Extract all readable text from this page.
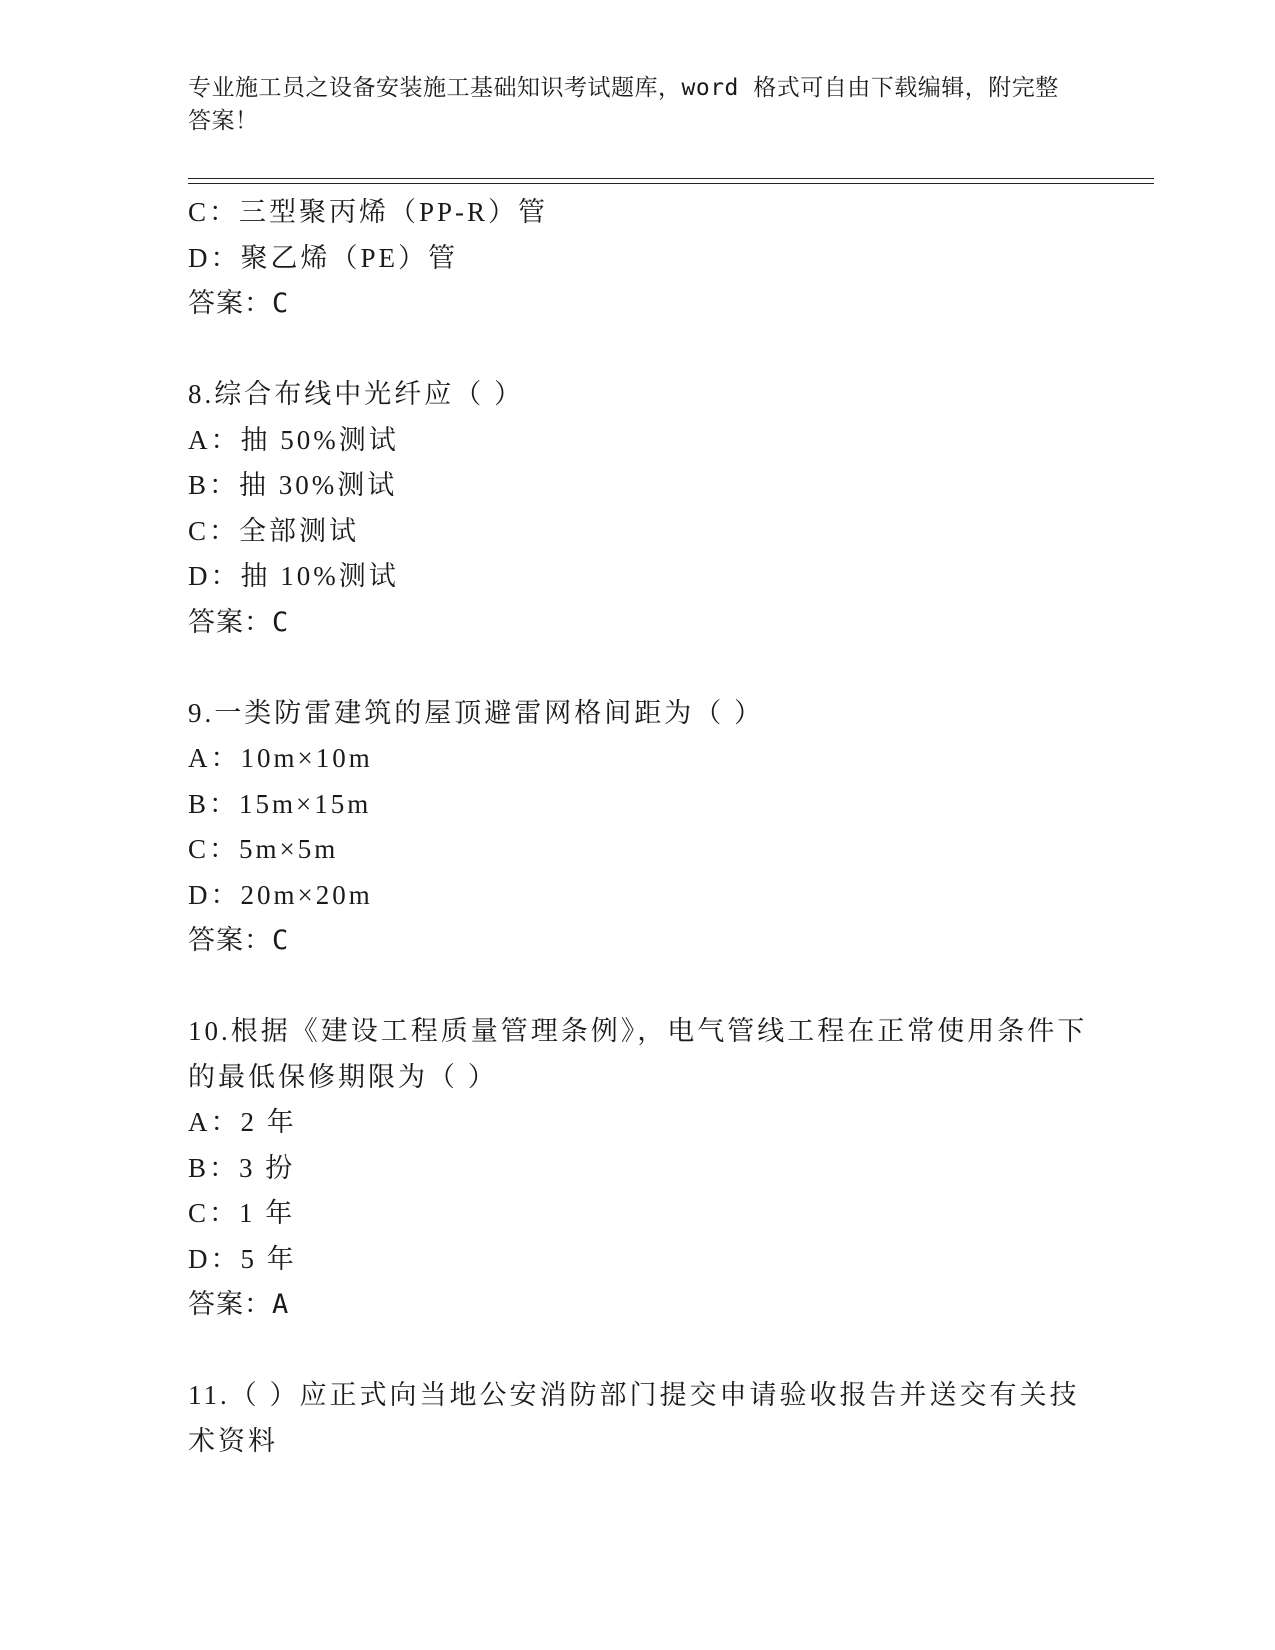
专业施工员之设备安装施工基础知识考试题库，word 格式可自由下载编辑，附完整答案！
C：三型聚丙烯（PP-R）管
D：聚乙烯（PE）管
答案：C
8.综合布线中光纤应（ ）
A：抽 50%测试
B：抽 30%测试
C：全部测试
D：抽 10%测试
答案：C
9.一类防雷建筑的屋顶避雷网格间距为（ ）
A：10m×10m
B：15m×15m
C：5m×5m
D：20m×20m
答案：C
10.根据《建设工程质量管理条例》，电气管线工程在正常使用条件下
的最低保修期限为（ ）
A：2 年
B：3 扮
C：1 年
D：5 年
答案：A
11.（ ）应正式向当地公安消防部门提交申请验收报告并送交有关技
术资料
